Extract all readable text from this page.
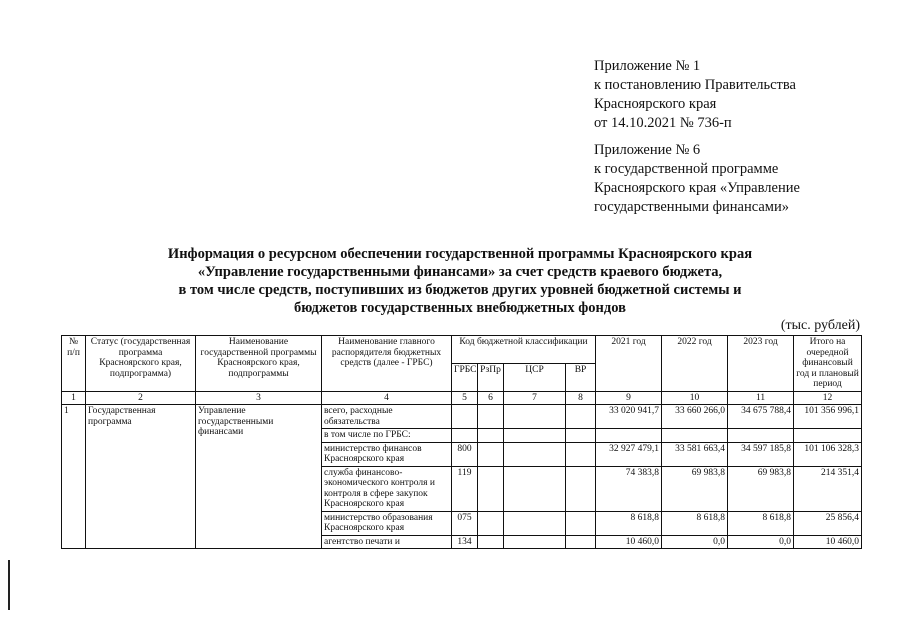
Приложение № 1
к постановлению Правительства
Красноярского края
от 14.10.2021 № 736-п
Приложение № 6
к государственной программе
Красноярского края «Управление
государственными финансами»
Информация о ресурсном обеспечении государственной программы Красноярского края
«Управление государственными финансами» за счет средств краевого бюджета,
в том числе средств, поступивших из бюджетов других уровней бюджетной системы и
бюджетов государственных внебюджетных фондов
(тыс. рублей)
№ п/п	Статус (государственная программа Красноярского края, подпрограмма)	Наименование государственной программы Красноярского края, подпрограммы	Наименование главного распорядителя бюджетных средств (далее - ГРБС)	Код бюджетной классификации				2021 год	2022 год	2023 год	Итого на очередной финансовый год и плановый период
				ГРБС	РзПр	ЦСР	ВР				
1	2	3	4	5	6	7	8	9	10	11	12
1	Государственная программа	Управление государственными финансами	всего, расходные обязательства					33 020 941,7	33 660 266,0	34 675 788,4	101 356 996,1
			в том числе по ГРБС:								
			министерство финансов Красноярского края	800				32 927 479,1	33 581 663,4	34 597 185,8	101 106 328,3
			служба финансово-экономического контроля и контроля в сфере закупок Красноярского края	119				74 383,8	69 983,8	69 983,8	214 351,4
			министерство образования Красноярского края	075				8 618,8	8 618,8	8 618,8	25 856,4
			агентство печати и	134				10 460,0	0,0	0,0	10 460,0
